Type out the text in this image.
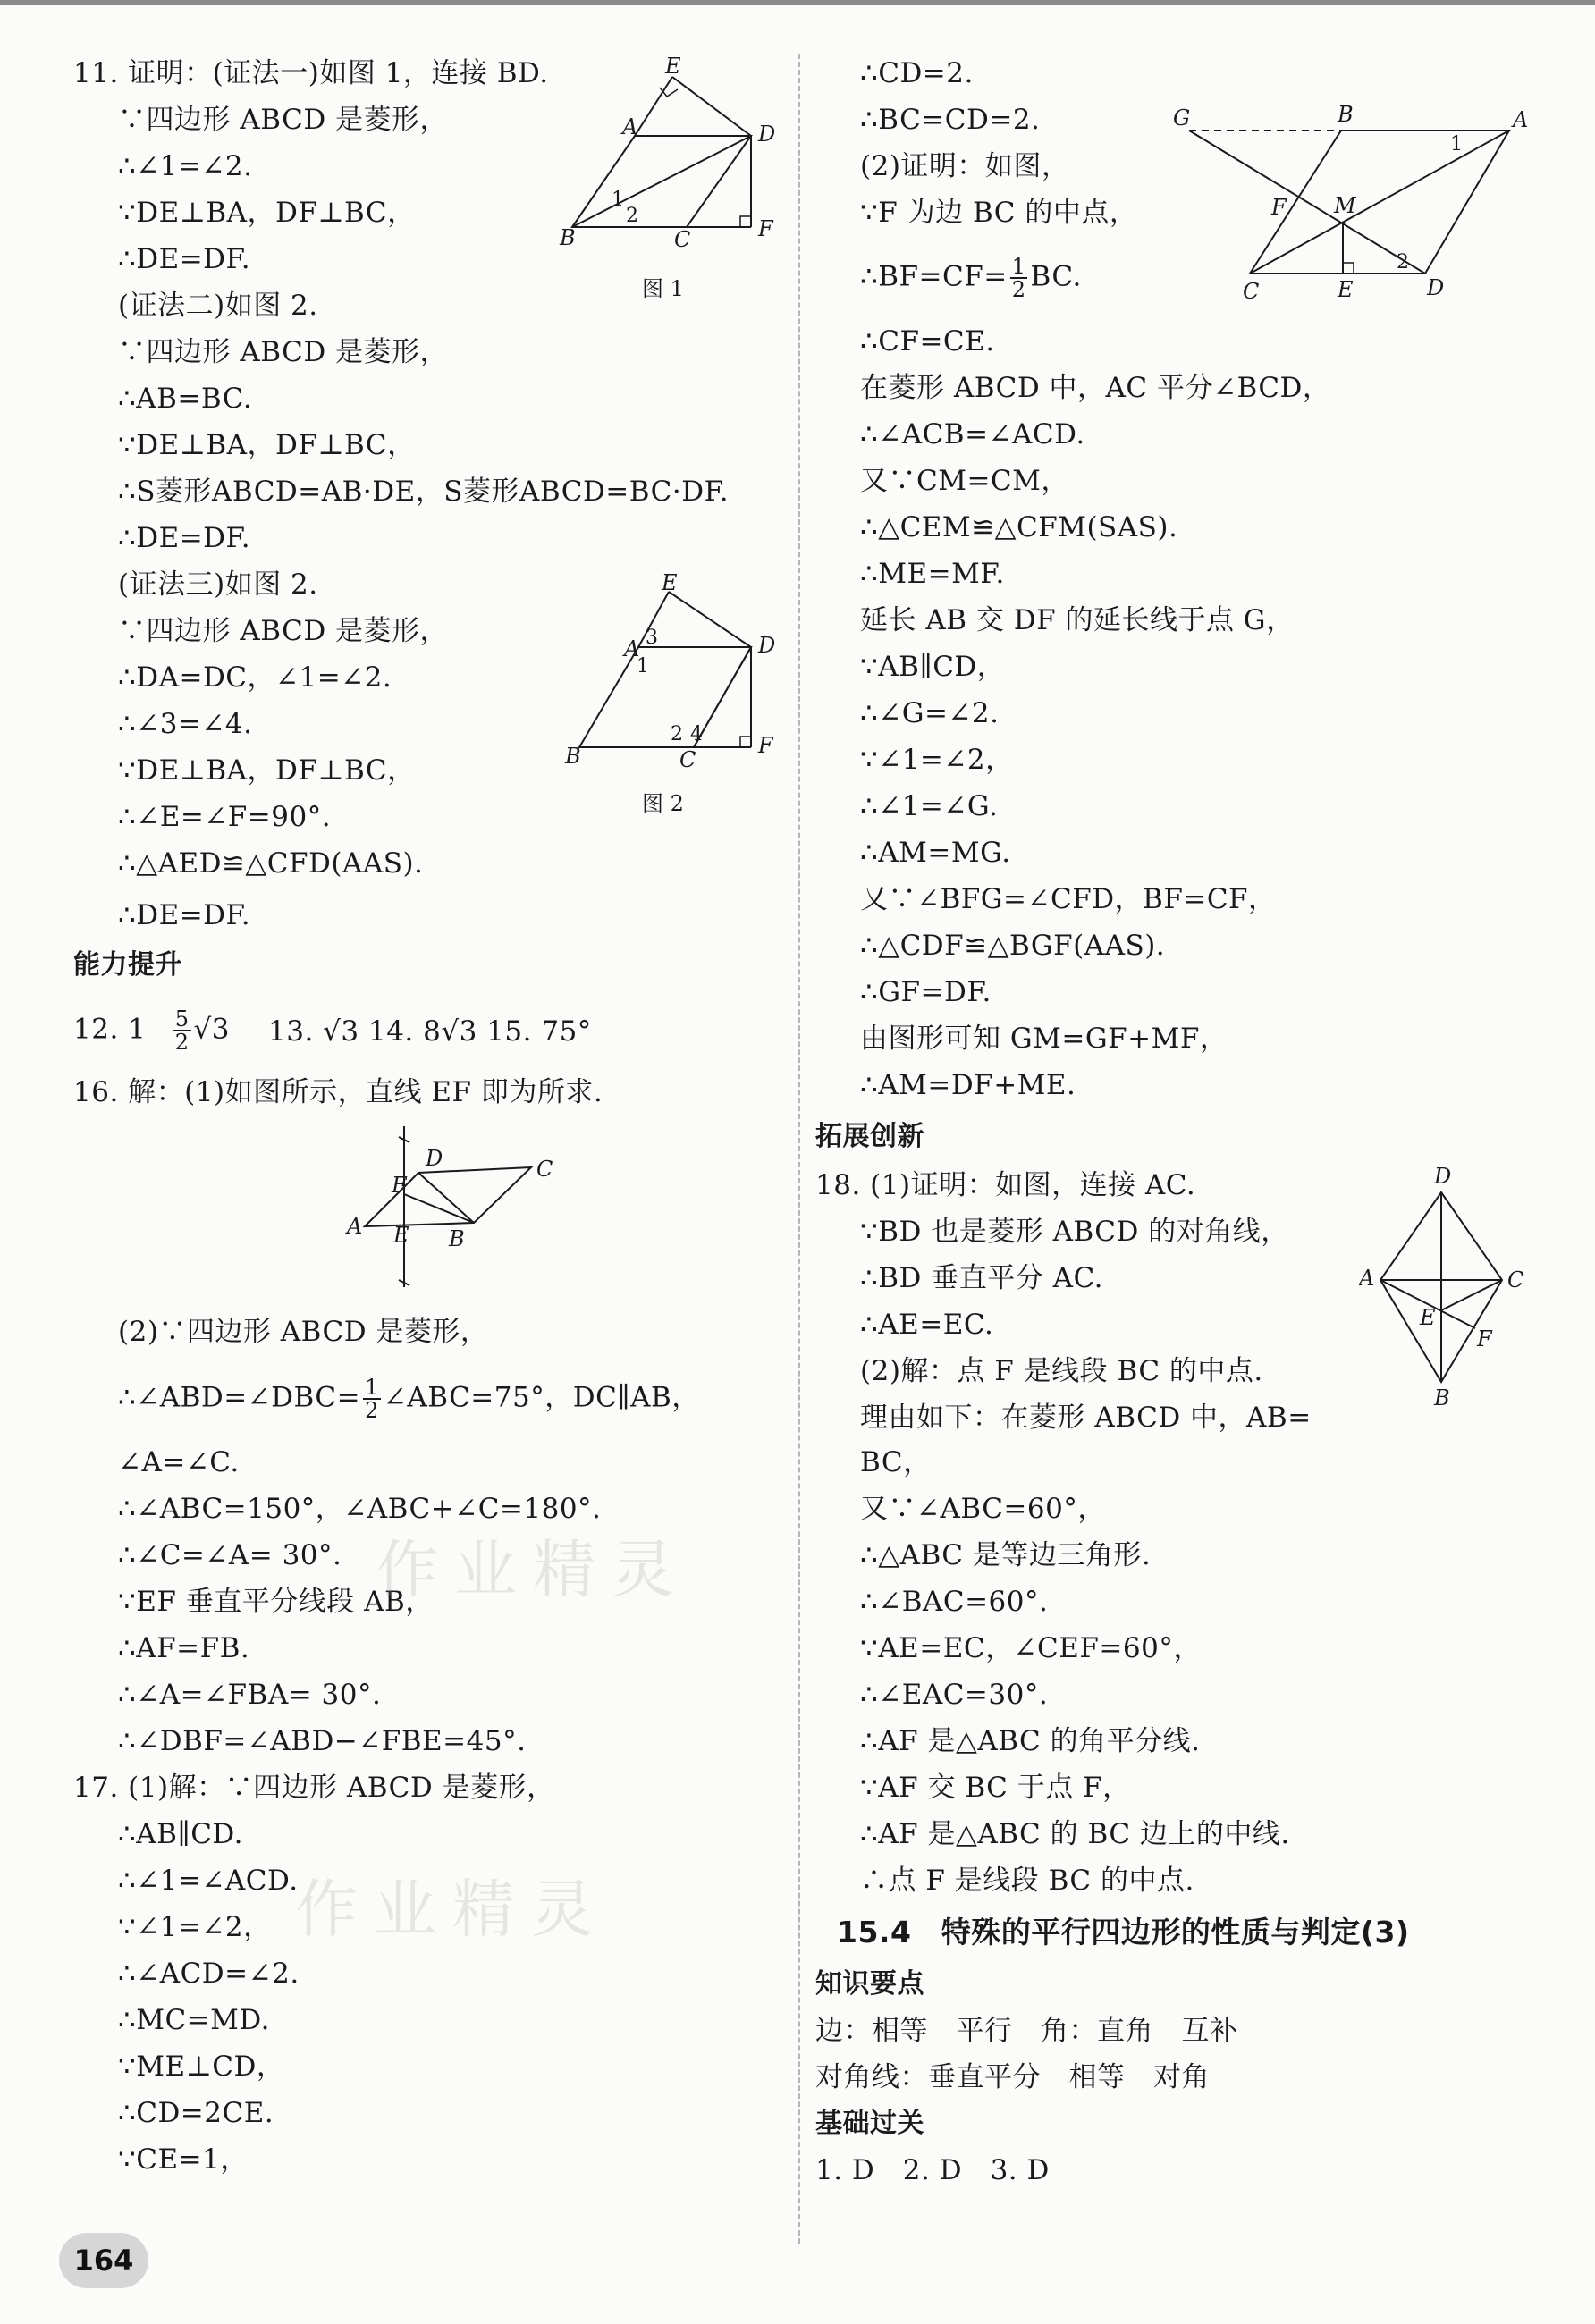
11. 证明：(证法一)如图 1，连接 BD.
∵四边形 ABCD 是菱形，
∴∠1=∠2.
∵DE⊥BA，DF⊥BC，
∴DE=DF.
(证法二)如图 2.
∵四边形 ABCD 是菱形，
∴AB=BC.
∵DE⊥BA，DF⊥BC，
∴S菱形ABCD=AB·DE，S菱形ABCD=BC·DF.
∴DE=DF.
(证法三)如图 2.
∵四边形 ABCD 是菱形，
∴DA=DC，∠1=∠2.
∴∠3=∠4.
∵DE⊥BA，DF⊥BC，
∴∠E=∠F=90°.
∴△AED≌△CFD(AAS).
∴DE=DF.
能力提升
12. $1 \frac{5}{2} √3$ 13. √3 14. 8√3 15. 75°
16. 解：(1)如图所示，直线 EF 即为所求.
D	C
F
A E B
(2)∵四边形 ABCD 是菱形，
∴∠ABD=∠DBC= $\frac{1}{2}$ ∠ABC=75°，DC∥AB，
∠A=∠C.
∴∠ABC=150°，∠ABC+∠C=180°.
∴∠C=∠A= 30°.
∵EF 垂直平分线段 AB，
∴AF=FB.
∴∠A=∠FBA= 30°.
∴∠DBF=∠ABD−∠FBE=45°.
17. (1)解：∵四边形 ABCD 是菱形，
∴AB∥CD.
∴∠1=∠ACD.
∵∠1=∠2，
∴∠ACD=∠2.
∴MC=MD.
∵ME⊥CD，
∴CD=2CE.
∵CE=1，
E
A	D
B	C	F
1
2
图 1
E
A 3
1
D
2 4
B	C
F
图 2
∴CD=2.
∴BC=CD=2.
(2)证明：如图，
∵F 为边 BC 的中点，
∴BF=CF= $\frac{1}{2}$ BC.
∴CF=CE.
在菱形 ABCD 中，AC 平分∠BCD，
∴∠ACB=∠ACD.
又∵CM=CM，
∴△CEM≌△CFM(SAS).
∴ME=MF.
延长 AB 交 DF 的延长线于点 G，
∵AB∥CD，
∴∠G=∠2.
∵∠1=∠2，
∴∠1=∠G.
∴AM=MG.
又∵∠BFG=∠CFD，BF=CF，
∴△CDF≌△BGF(AAS).
∴GF=DF.
由图形可知 GM=GF+MF，
∴AM=DF+ME.
拓展创新
18. (1)证明：如图，连接 AC.
∵BD 也是菱形 ABCD 的对角线，
∴BD 垂直平分 AC.
∴AE=EC.
(2)解：点 F 是线段 BC 的中点.
理由如下：在菱形 ABCD 中，AB=
BC，
又∵∠ABC=60°，
∴△ABC 是等边三角形.
∴∠BAC=60°.
∵AE=EC，∠CEF=60°，
∴∠EAC=30°.
∴AF 是△ABC 的角平分线.
∵AF 交 BC 于点 F，
∴AF 是△ABC 的 BC 边上的中线.
∴点 F 是线段 BC 的中点.
15.4　特殊的平行四边形的性质与判定(3)
知识要点
边：相等　平行　角：直角　互补
对角线：垂直平分　相等　对角
基础过关
1. D　2. D　3. D
G	B	A
M
F
C	E	D
1
2
D
A	C
E
F
B
作业精灵
作业精灵
164
